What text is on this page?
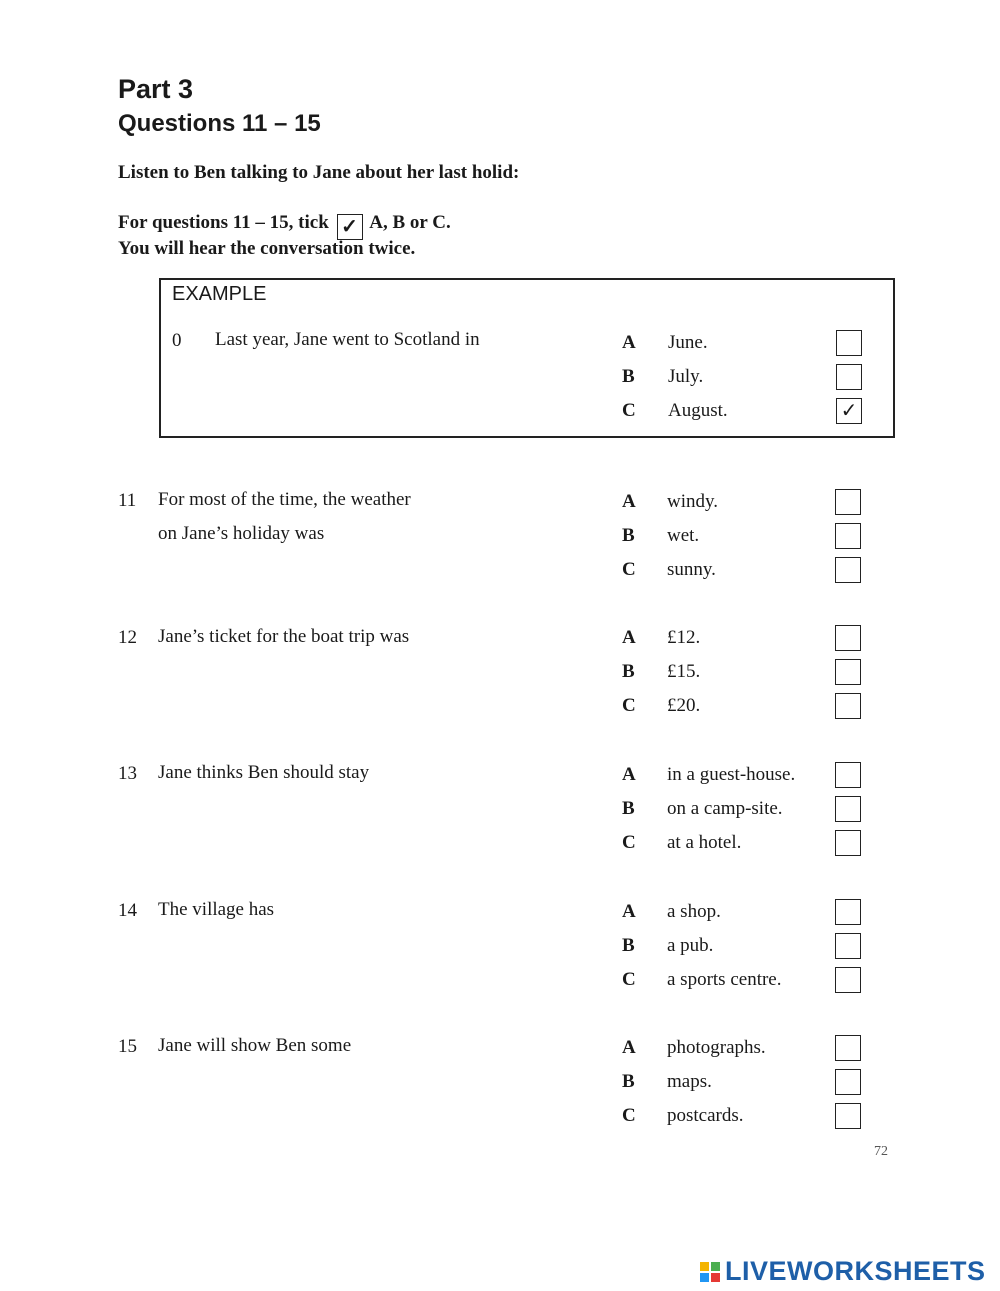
Part 3
Questions 11 – 15
Listen to Ben talking to Jane about her last holid:
For questions 11 – 15, tick ✓ A, B or C.
You will hear the conversation twice.
EXAMPLE
0 Last year, Jane went to Scotland in	A June.
B July.
C August.	✓
11 For most of the time, the weather
on Jane’s holiday was
A windy.
B wet.
C sunny.
12 Jane’s ticket for the boat trip was	A £12.
B £15.
C £20.
13 Jane thinks Ben should stay	A in a guest-house.
B on a camp-site.
C at a hotel.
14 The village has	A a shop.
B a pub.
C a sports centre.
15 Jane will show Ben some	A photographs.
B maps.
C postcards.
72
LIVEWORKSHEETS
